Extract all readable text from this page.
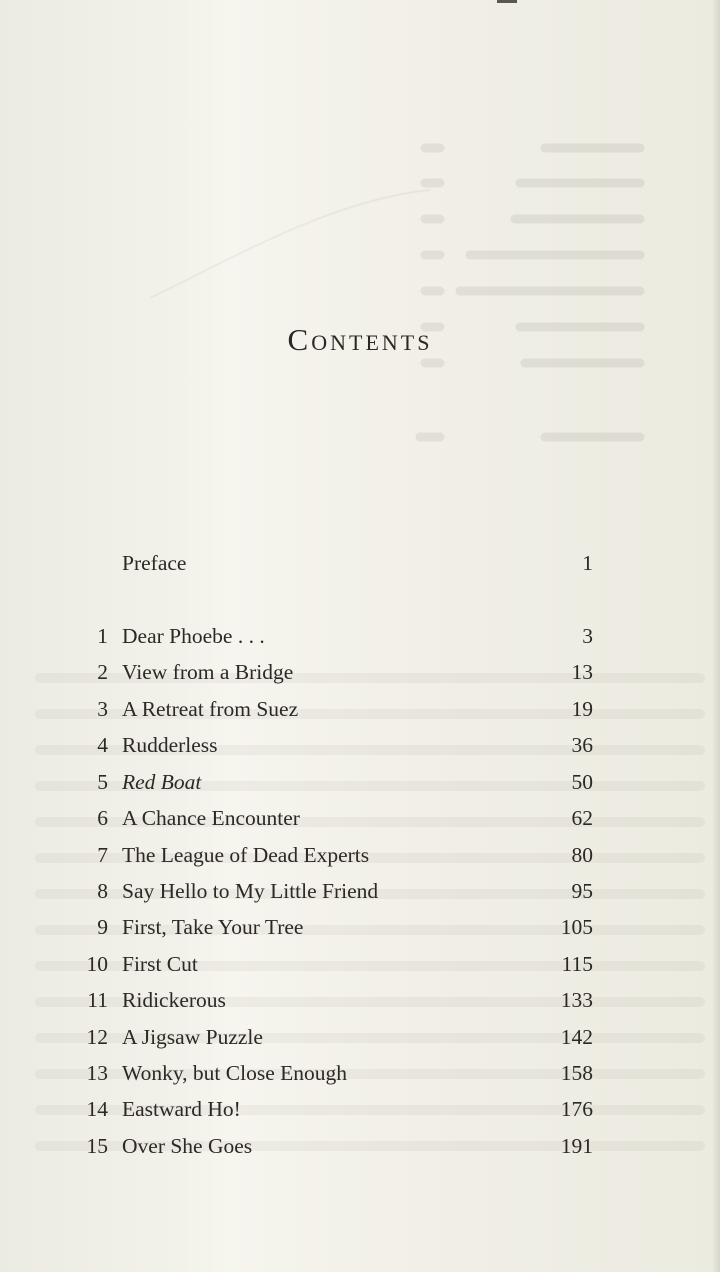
Contents
Preface	1
1 Dear Phoebe . . .	3
2 View from a Bridge	13
3 A Retreat from Suez	19
4 Rudderless	36
5 Red Boat	50
6 A Chance Encounter	62
7 The League of Dead Experts	80
8 Say Hello to My Little Friend	95
9 First, Take Your Tree	105
10 First Cut	115
11 Ridickerous	133
12 A Jigsaw Puzzle	142
13 Wonky, but Close Enough	158
14 Eastward Ho!	176
15 Over She Goes	191
